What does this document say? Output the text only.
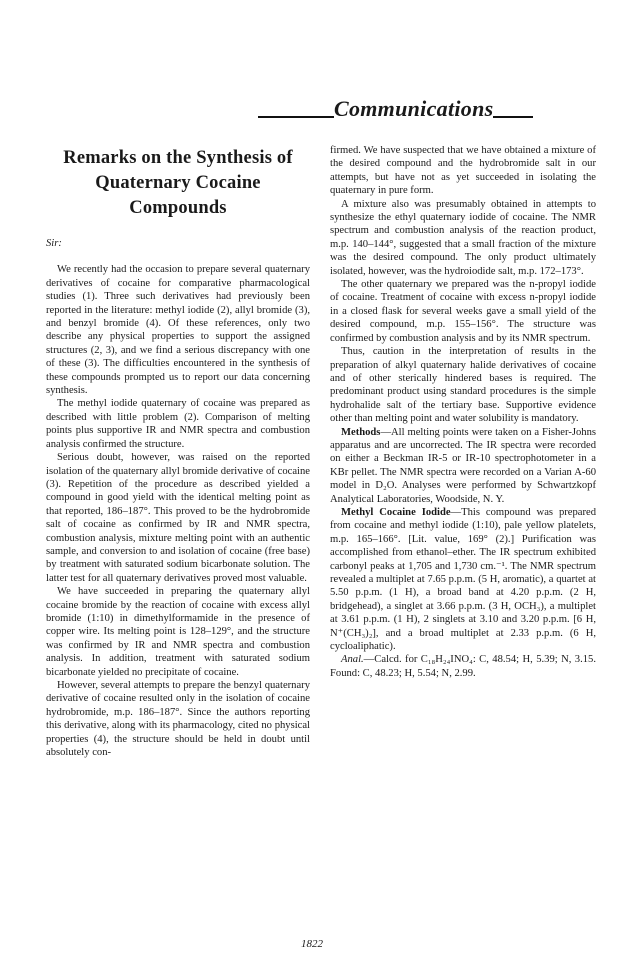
Communications
Remarks on the Synthesis of Quaternary Cocaine Compounds
Sir:

We recently had the occasion to prepare several quaternary derivatives of cocaine for comparative pharmacological studies (1). Three such derivatives had previously been reported in the literature: methyl iodide (2), allyl bromide (3), and benzyl bromide (4). Of these references, only two describe any physical properties to support the assigned structures (2, 3), and we find a serious discrepancy with one of these (3). The difficulties encountered in the synthesis of these compounds prompted us to report our data concerning synthesis.

The methyl iodide quaternary of cocaine was prepared as described with little problem (2). Comparison of melting points plus supportive IR and NMR spectra and combustion analysis confirmed the structure.

Serious doubt, however, was raised on the reported isolation of the quaternary allyl bromide derivative of cocaine (3). Repetition of the procedure as described yielded a compound in good yield with the identical melting point as that reported, 186–187°. This proved to be the hydrobromide salt of cocaine as confirmed by IR and NMR spectra, combustion analysis, mixture melting point with an authentic sample, and conversion to and isolation of cocaine (free base) by treatment with saturated sodium bicarbonate solution. The latter test for all quaternary derivatives proved most valuable.

We have succeeded in preparing the quaternary allyl cocaine bromide by the reaction of cocaine with excess allyl bromide (1:10) in dimethylformamide in the presence of copper wire. Its melting point is 128–129°, and the structure was confirmed by IR and NMR spectra and combustion analysis. In addition, treatment with saturated sodium bicarbonate yielded no precipitate of cocaine.

However, several attempts to prepare the benzyl quaternary derivative of cocaine resulted only in the isolation of cocaine hydrobromide, m.p. 186–187°. Since the authors reporting this derivative, along with its pharmacology, cited no physical properties (4), the structure should be held in doubt until absolutely con-

firmed. We have suspected that we have obtained a mixture of the desired compound and the hydrobromide salt in our attempts, but have not as yet succeeded in isolating the quaternary in pure form.

A mixture also was presumably obtained in attempts to synthesize the ethyl quaternary iodide of cocaine. The NMR spectrum and combustion analysis of the reaction product, m.p. 140–144°, suggested that a small fraction of the mixture was the desired compound. The only product ultimately isolated, however, was the hydroiodide salt, m.p. 172–173°.

The other quaternary we prepared was the n-propyl iodide of cocaine. Treatment of cocaine with excess n-propyl iodide in a closed flask for several weeks gave a small yield of the desired compound, m.p. 155–156°. The structure was confirmed by combustion analysis and by its NMR spectrum.

Thus, caution in the interpretation of results in the preparation of alkyl quaternary halide derivatives of cocaine and of other sterically hindered bases is required. The predominant product using standard procedures is the simple hydrohalide salt of the tertiary base. Supportive evidence other than melting point and water solubility is mandatory.

Methods—All melting points were taken on a Fisher-Johns apparatus and are uncorrected. The IR spectra were recorded on either a Beckman IR-5 or IR-10 spectrophotometer in a KBr pellet. The NMR spectra were recorded on a Varian A-60 model in D₂O. Analyses were performed by Schwartzkopf Analytical Laboratories, Woodside, N. Y.

Methyl Cocaine Iodide—This compound was prepared from cocaine and methyl iodide (1:10), pale yellow platelets, m.p. 165–166°. [Lit. value, 169° (2).] Purification was accomplished from ethanol–ether. The IR spectrum exhibited carbonyl peaks at 1,705 and 1,730 cm.⁻¹. The NMR spectrum revealed a multiplet at 7.65 p.p.m. (5 H, aromatic), a quartet at 5.50 p.p.m. (1 H), a broad band at 4.20 p.p.m. (2 H, bridgehead), a singlet at 3.66 p.p.m. (3 H, OCH₃), a multiplet at 3.61 p.p.m. (1 H), 2 singlets at 3.10 and 3.20 p.p.m. [6 H, N⁺(CH₃)₂], and a broad multiplet at 2.33 p.p.m. (6 H, cycloaliphatic).

Anal.—Calcd. for C₁₈H₂₄INO₄: C, 48.54; H, 5.39; N, 3.15. Found: C, 48.23; H, 5.54; N, 2.99.

1822
